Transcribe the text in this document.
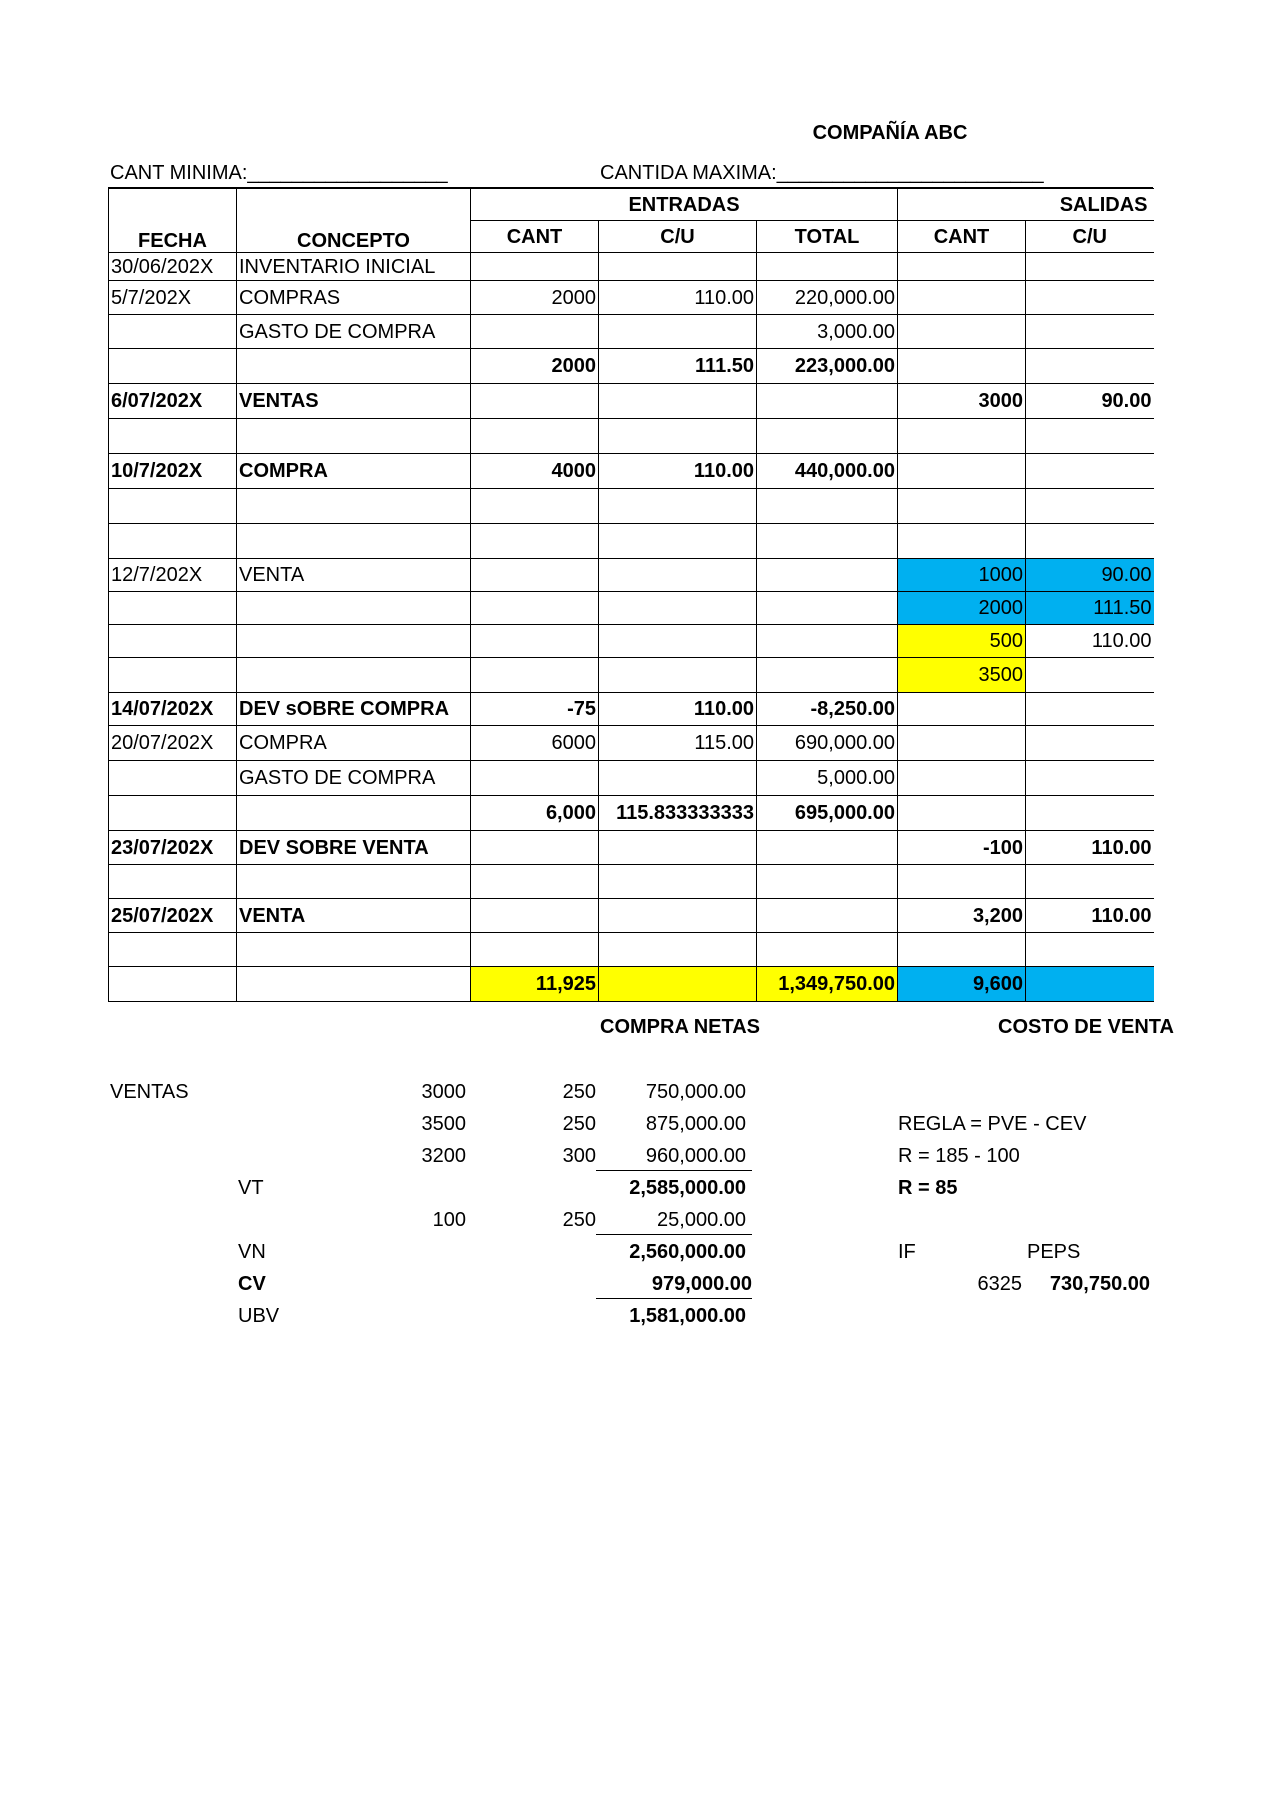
COMPAÑÍA ABC
CANT MINIMA:__________________	CANTIDA MAXIMA:________________________
FECHA	CONCEPTO	ENTRADAS			SALIDAS	
		CANT	C/U	TOTAL	CANT	C/U
30/06/202X	INVENTARIO INICIAL					
5/7/202X	COMPRAS	2000	110.00	220,000.00		
	GASTO DE COMPRA			3,000.00		
		2000	111.50	223,000.00		
6/07/202X	VENTAS				3000	90.00

10/7/202X	COMPRA	4000	110.00	440,000.00		

12/7/202X	VENTA				1000	90.00
					2000	111.50
					500	110.00
					3500	
14/07/202X	DEV sOBRE COMPRA	-75	110.00	-8,250.00		
20/07/202X	COMPRA	6000	115.00	690,000.00		
	GASTO DE COMPRA			5,000.00		
		6,000	115.833333333	695,000.00		
23/07/202X	DEV SOBRE VENTA				-100	110.00

25/07/202X	VENTA				3,200	110.00

		11,925		1,349,750.00	9,600	
COMPRA NETAS	COSTO DE VENTA
VENTAS	3000	250	750,000.00
3500	250	875,000.00
3200	300	960,000.00
VT	2,585,000.00
100	250	25,000.00
VN	2,560,000.00
CV	979,000.00
UBV	1,581,000.00
REGLA = PVE - CEV
R = 185 - 100
R = 85
IF	PEPS
6325	730,750.00
